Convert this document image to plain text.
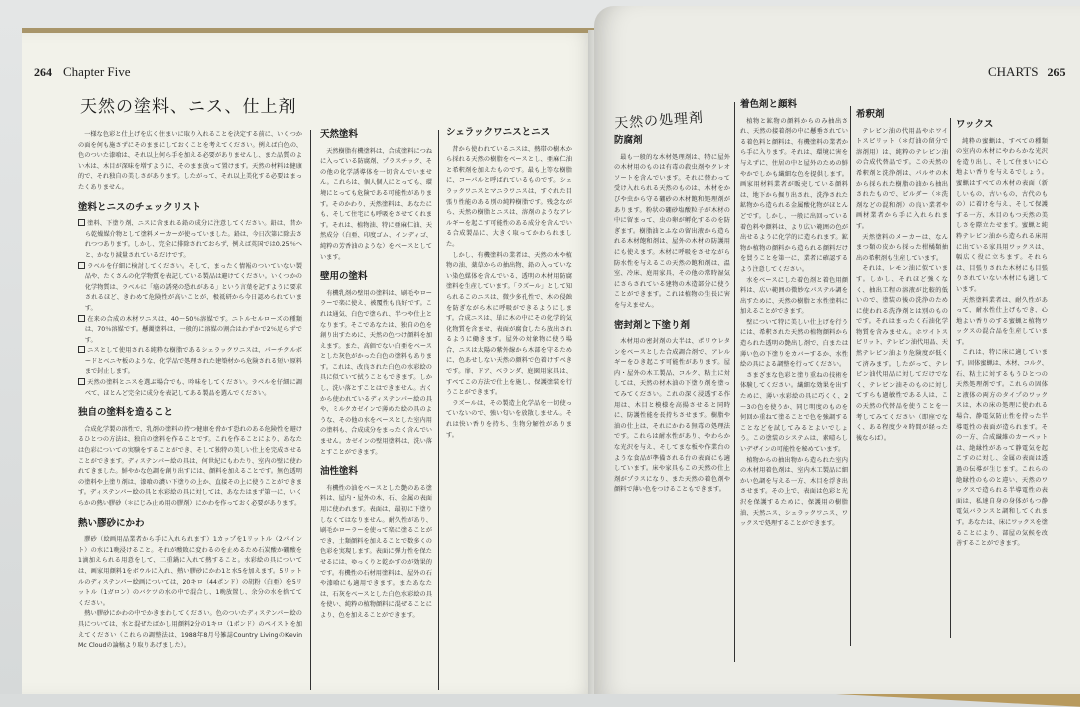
264 Chapter Five
天然の塗料、ニス、仕上剤

一様な色彩と仕上げを広く住まいに取り入れることを決定する前に、いくつかの面を何も施さずにそのままにしておくことを考えてください。例えば白色の、色のついた漆喰は、それ以上何ら手を加える必要がありませんし、また品質のよい木は、木目が深味を増すように、そのまま放って置けます。天然の材料は健康的で、それ独自の美しさがあります。したがって、それ以上美化する必要はまったくありません。

塗料とニスのチェックリスト
塗料、下塗り剤、ニスに含まれる鉛の成分に注意してください。鉛は、昔から乾燥媒介物として塗料メーカーが使っていました。鉛は、今日次第に除去されつつあります。しかし、完全に排除されておらず、例えば英国では0.25％へと、かなり減量されているだけです。
ラベルを仔細に検討してください。そして、まったく情報のついていない製品や、たくさんの化学物質を表記している製品は避けてください。いくつかの化学物質は、ラベルに「癌の誘発の恐れがある」という言葉を記すように要求されるほど、きわめて危険性が高いことが、极祗研から今日認められています。
在来の合成の木材ワニスは、40～50％溶媒です。ニトルセルローズの種類は、70％溶媒です。懸濁塗料は、一般的に溶媒の割合はわずかで2％足らずです。
ニスとして使用される純粋な樹脂であるシェラックワニスは、パーチクルボードとベニヤ板のような、化学品で処理された建築材から危険される短い原料まで封止します。
天然の塗料とニスを選ぶ場合でも、吟味をしてください。ラベルを仔細に調べて、ほとんど完全に成分を表記してある製品を選んでください。
独自の塗料を造ること

合成化学製の溶性で、乳剤の塗料の持つ健康を脅かす恐れのある危険性を避けるひとつの方法は、独自の塗料を作ることです。これを作ることにより、あなたは色彩についての実験をすることができ、そして独特の美しい仕上を完成させることができます。ディステンパー絵の具は、何世紀にもわたり、室内の壁に使われてきました。鮮やかな色調を創り出すには、顔料を加えることです。無色透明の塗料や上塗り剤は、漆喰の濃い下塗りの上か、直接その上に使うことができます。ディステンパー絵の具と水彩絵の具に対しては、あなたはまず第一に、いくらかの熱い膠砂（＊にじみ止め用の膠剤）にかわを作っておく必要があります。

熱い膠砂にかわ

膠砂（絵画用品業者から手に入れられます）1カップを1リットル（2パイント）の水に1晩浸けること。それが酸敗に変わるのを止めるため石炭酸か硼酸を1滴加えられる用意をして、二重鍋に入れて熱すること。水彩絵の具については、画家用顔料1をボウルに入れ、熱い膠砂にかわ1と水5を加えます。5リットルのディステンパー絵画については、20キロ（44ポンド）の胡粉（白亜）を5リットル（1ガロン）のバケツの水の中で混合し、1晩放置し、余分の水を捨ててください。

熱い膠砂にかわの中でかきまわしてください。色のついたディステンパー絵の具については、水と混ぜたばかし用顔料2分の1キロ（1ポンド）のペイストを加えてください（これらの調整法は、1988年8月号雑誌Country LivingのKevin Mc Cloudの論稿より取りあげました）。

天然塗料

天然樹脂有機塗料は、合成塗料につねに入っている防腐剤、プラスチック、その他の化学誘導体を一切含んでいません。これらは、個人個人にとっても、環境にとっても危険である可能性があります。そのかわり、天然塗料は、あなたにも、そして住宅にも呼吸をさせてくれます。それは、植物油、特に亜麻仁油、天然成分（白亜、印度ゴム、インディゴ、純粋の芳香油のような）をベースとしています。

壁用の塗料

有機乳剤の壁用の塗料は、刷毛やローラーで楽に使え、被覆性も良好です。これは通気、白色で塗られ、半つや仕上となります。そこであなたは、独自の色を創り出すために、天然の色つけ顔料を加えます。また、高価でない白亜をベースとした灰色がかった白色の塗料もあります。これは、改良された白色の水彩絵の具に似ていて拭うこともできます。しかし、洗い落とすことはできません。古くから使われているディステンパー絵の具や、ミルクカゼインで薄めた絵の具のような、その他の水をベースとした室内用の塗料も、合成成分をまったく含んでいません。カゼインの壁用塗料は、洗い落とすことができます。

油性塗料

有機性の油をベースとした艶のある塗料は、屋内・屋外の木、石、金属の表面用に使われます。表面は、最初に下塗りしなくてはなりません。耐久性があり、刷毛かローラーを使って楽に塗ることができ、土類顔料を加えることで数多くの色彩を実現します。表面に弾力性を保たせるには、ゆっくりと乾かすのが効果的です。有機性の石材用塗料は、屋外の石や漆喰にも適用できます。またあなたは、石灰をベースとした白色水彩絵の具を使い、純粋の植物顔料に混ぜることにより、色を加えることができます。

シェラックワニスとニス

昔から使われているニスは、熱帯の樹木から採れる天然の樹脂をベースとし、亜麻仁油と希釈剤を加えたものです。最も上等な樹脂に、コーパルと呼ばれているものです。シェラックワニスとマニラワニスは、すぐれた目張り性能のある別の純粋樹脂です。残念ながら、天然の樹脂とニスは、溶剤のようなアレルギーを起こす可能性のある成分を含んでいる合成製品に、大きく取ってかわられました。

しかし、有機塗料の業者は、天然の木や植物の油、薬草からの抽出物、鉛の入っていない染色媒体を含んでいる、透明の木材用防腐塗料を生産しています。「ラズール」として知られるこのニスは、微少多孔性で、木の侵蝕を防ぎながら木に呼吸ができるようにします。合成ニスは、単に木の中にその化学的気化物質を含ませ、表面が腐食したら放出されるように働きます。屋外の対象物に使う場合、ニスは太陽の紫外線から木部を守るために、色あせしない天然の顔料で色着けすべきです。扉、ドア、ベランダ、庭園用家具は、すべてこの方法で仕上を施し、保護塗装を行うことができます。

ラズールは、その製造上化学品を一切使っていないので、強い匂いを放散しません。それは快い香りを持ち、生物分解性があります。

CHARTS 265
天然の処理剤
防腐剤

最も一般的な木材処理剤は、特に屋外の木材用のものは有毒の殺虫剤やクレオソートを含んでいます。それに替わって受け入れられる天然のものは、木材をかびや虫から守る硼砂の木材飽和処理剤があります。粉状の硼砂塩酸粒子が木材の中に留まって、虫の卵が孵化するのを防ぎます。樹脂油とふなの留出液から造られる木材飽和剤は、屋外の木材の防護用にも使えます。木材に呼吸をさせながら防水性を与えるこの天然の飽和剤は、温室、冷床、庭用家具、その他の常時湿気にさらされている建物の木造部分に使うことができます。これは植物の生長に害を与えません。

密封剤と下塗り剤

木材用の密封剤の大半は、ポリウレタンをベースとした合成調合剤で、アレルギーをひき起こす可能性があります。屋内・屋外の木工製品、コルク、粘土に対しては、天然の材木油の下塗り剤を塗ってみてください。これの深く浸透する作用は、木目と模様を高揚させると同時に、防護性能を長持ちさせます。樹脂や油の仕上は、それにかわる無毒の処理法です。これらは耐水性があり、やわらかな光沢を与え、そしてまな板や作業台のような食品が準備される台の表面にも適しています。床や家具もこの天然の仕上剤がプラスになり、また天然の着色剤や顔料で薄い色をつけることもできます。

着色剤と顔料

植物と鉱物の顔料からのみ抽出され、天然の接着剤の中に懸垂されている着色料と顔料は、有機塗料の業者から手に入ります。それは、環境に害を与えずに、住居の中と屋外のための鮮やかでしかも繊細な色を提供します。画家用材料業者が販売している顔料は、地下から掘り出され、洗浄された鉱物から造られる金属酸化物がほとんどです。しかし、一般に出回っている着色料や顔料は、より広い範囲の色が出せるように化学的に造られます。鉱物か植物の顔料から造られる顔料だけを買うことを第一に、業者に確認するよう注意してください。

水をベースにした着色剤と着色用顔料は、広い範囲の微妙なパステル調を出すために、天然の樹脂と水性塗料に加えることができます。

壁について特に美しい仕上げを行うには、希釈された天然の植物顔料から造られた透明の艶出し剤で、白または薄い色の下塗りをカバーするか、水性絵の具による調整を行ってください。

さまざまな色彩と塗り重ねの技術を体験してください。繊細な効果を出すために、薄い水彩絵の具に巧くく、2～3の色を使うか、同じ明度のものを何回か重ねて塗ることで色を強調することなどを試してみるとよいでしょう。この塗装のシステムは、素晴らしいデザインの可能性を秘めています。

植物からの抽出物から造られた室内の木材用着色剤は、室内木工製品に細かい色調を与える一方、木目を浮き出させます。その上で、表面は色彩と光沢を保護するために、保護用の樹脂油、天然ニス、シェラックワニス、ワックスで処理することができます。

希釈剤

テレピン油の代用品やホワイトスピリット（＊灯油の留分で溶剤用）は、純粋のテレピン油の合成代替品です。この天然の希釈剤と洗浄剤は、パルサの木から採られた樹脂の油から抽出されたもので、ピルダー（＊洗剤などの混和剤）の良い業者や画材業者から手に入れられます。

天然塗料のメーカーは、なんまつ類の皮から採った柑橘類抽出の希釈剤も生産しています。

それは、レモン油に似ています。しかし、それほど強くなく、抽出工程の溶液が比較的低いので、塗装の後の洗浄のために使われる洗浄剤とは別のものです。それはまったく石油化学物質を含みません。ホワイトスピリット、テレピン油代用品、天然テレピン油より危険度が低くて済みます。したがって、テレピン油代用品に対してだけでなく、テレピン油そのものに対してすらも過敏性である人は、この天然の代替品を使うことを一考してみてください（即座でなく、ある程度少々時間が経った後ならば）。

ワックス

純粋の蜜蝋は、すべての種類の室内の木材にやわらかな光沢を造り出し、そして住まいに心地よい香りを与えるでしょう。蜜蝋はすべての木材の表面（新しいもの、古いもの、古代のもの）に着けを与え、そして保護する一方、木目のもつ天然の美しさを際立たせます。蜜蝋と純粋テレピン油から造られる床用に出ている家具用ワックスは、幅広く役に立ちます。それらは、目張りされた木材にも目張りされていない木材にも適しています。

天然塗料業者は、耐久性があって、耐水性仕上げもでき、心地よい香りのする蜜蝋と植物ワックスの混合品を生産しています。

これは、特に床に適しています。固体蜜蝋は、木材、コルク、石、粘土に対するもうひとつの天然処理剤です。これらの固体と液体の両方のタイプのワックスは、木の床の処理に使われる場合、静電気防止性を持った半導電性の表面が造られます。その一方、合成繊維のカーペットは、絶縁性があって静電気を起こすのに対し、金属の表面は透過の伝導が生じます。これらの絶縁性のものと違い、天然のワックスで造られる半導電性の表面は、私達自身の身体がもつ静電気バランスと調和してくれます。あなたは、床にワックスを塗ることにより、部屋の気候を改善することができます。
